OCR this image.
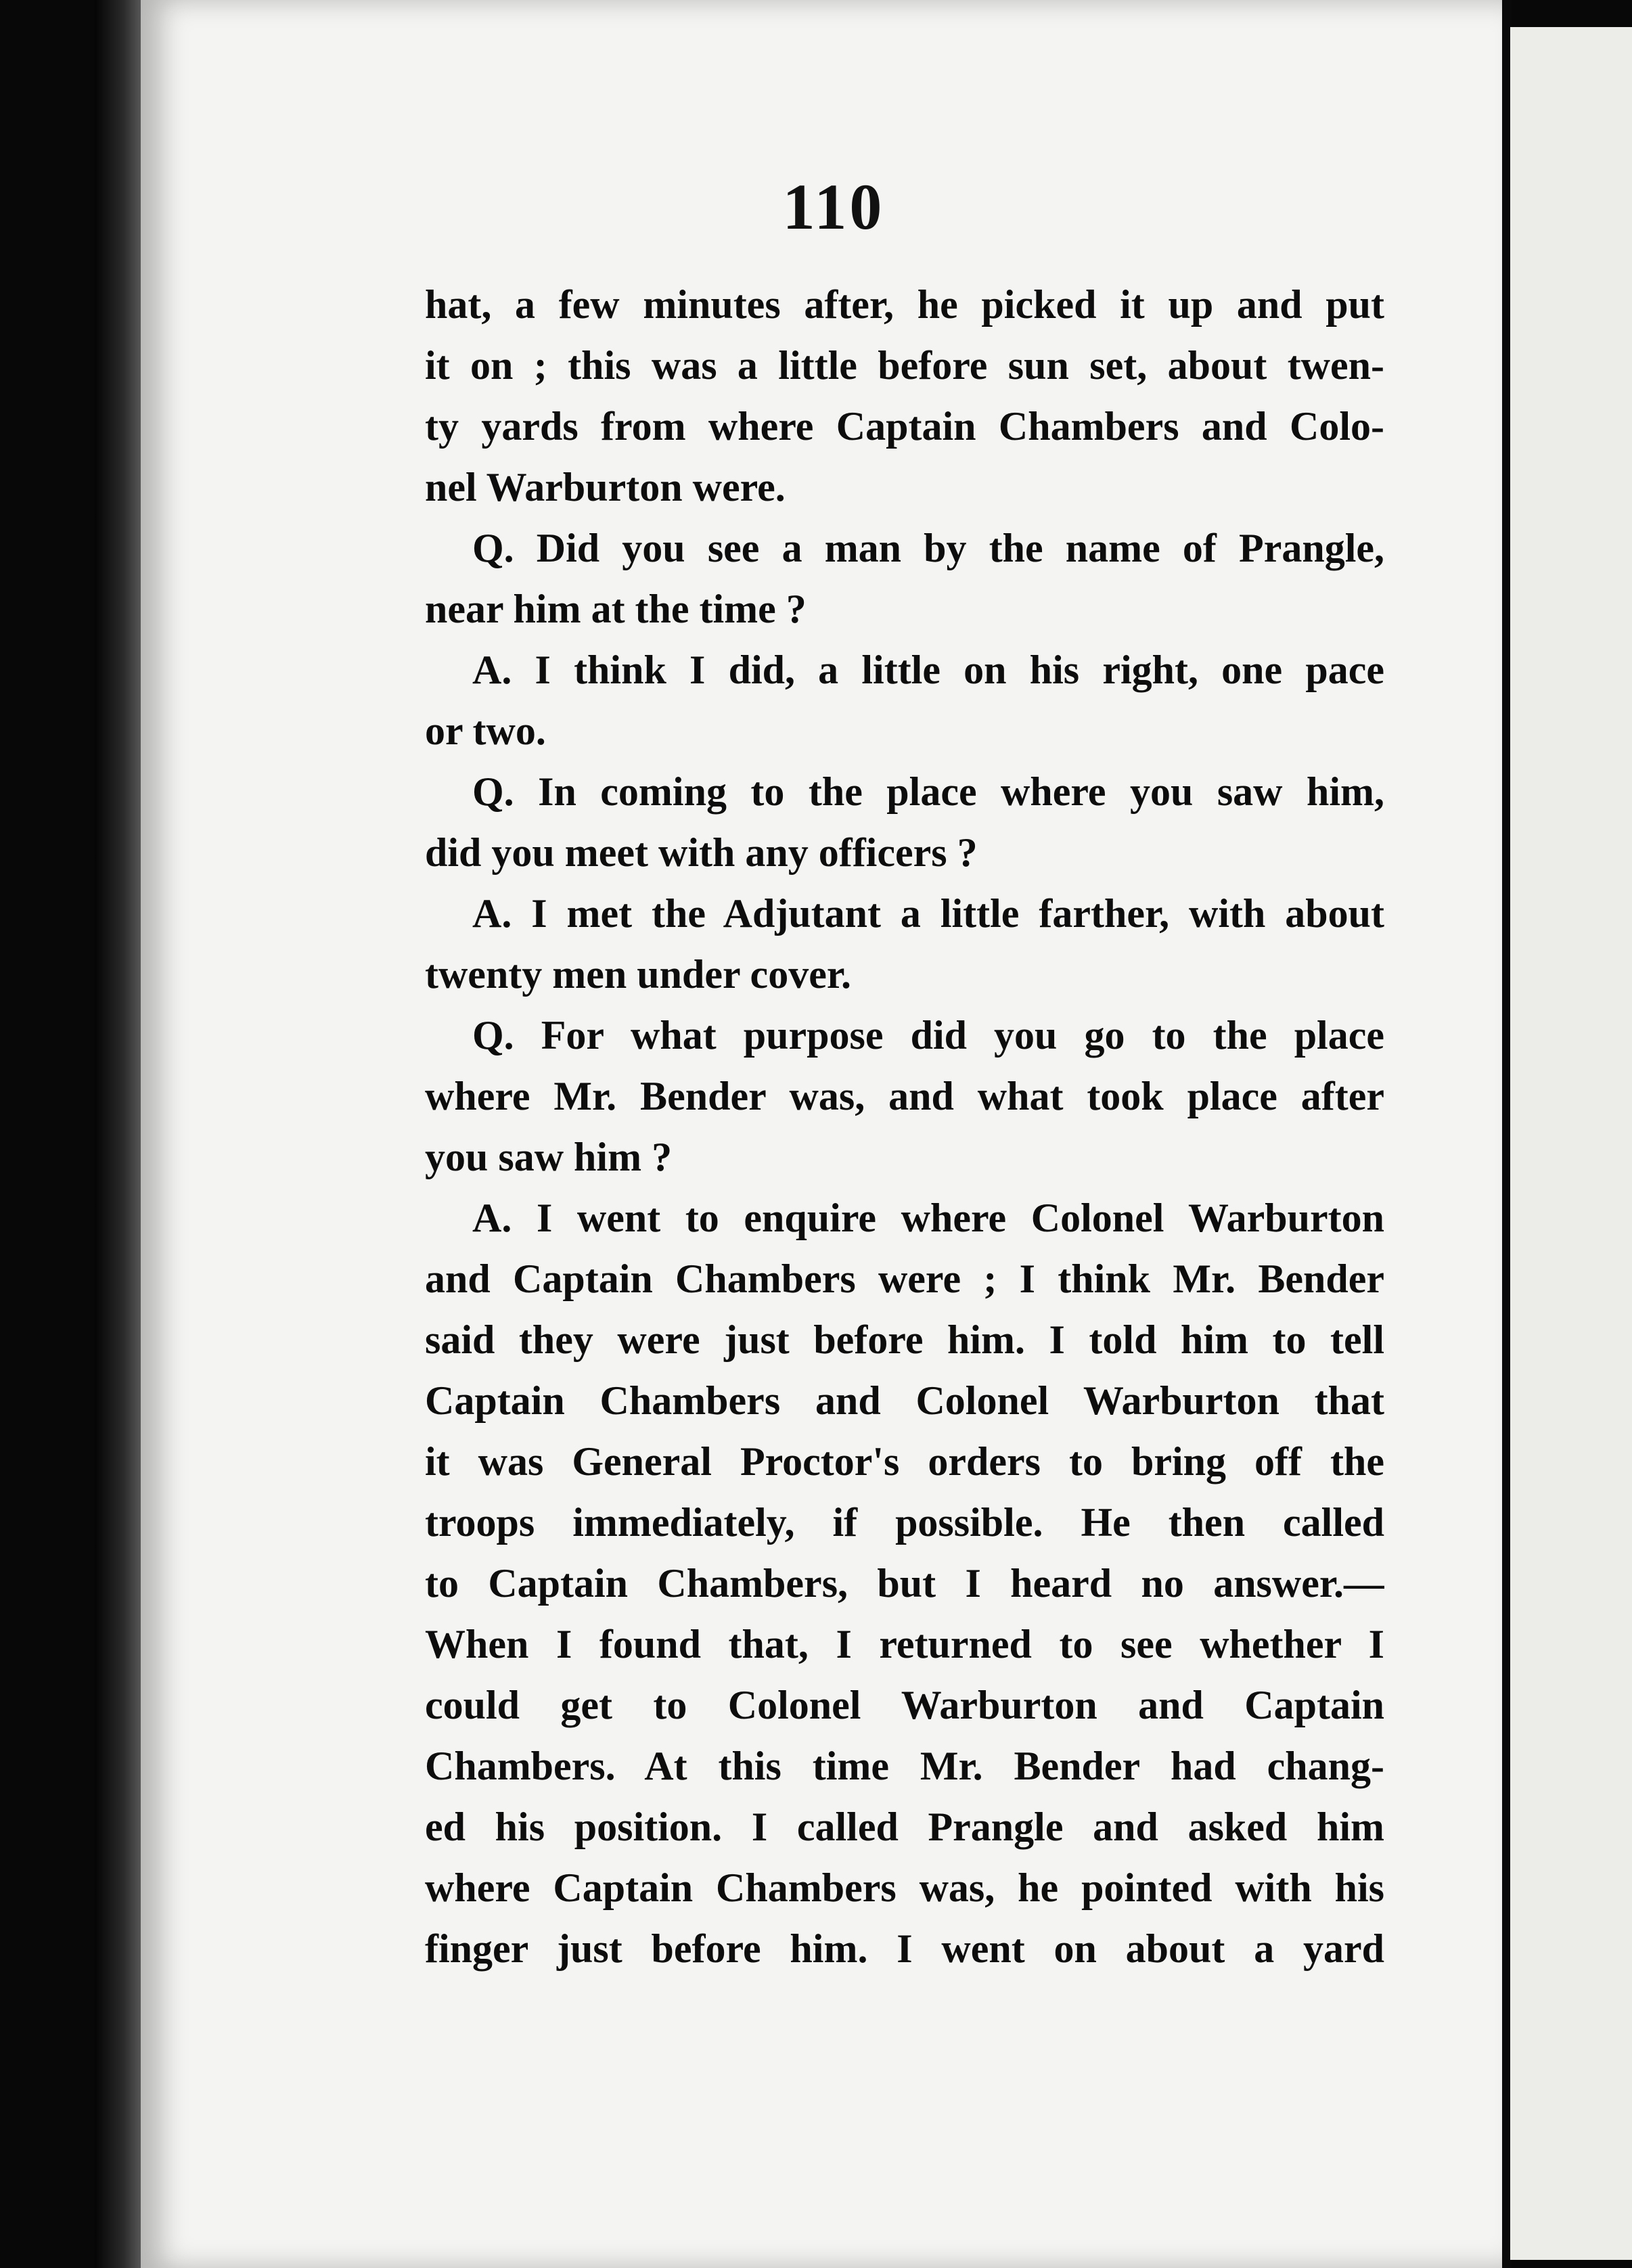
110
hat, a few minutes after, he picked it up and put
it on ; this was a little before sun set, about twen-
ty yards from where Captain Chambers and Colo-
nel Warburton were.
Q. Did you see a man by the name of Prangle,
near him at the time ?
A. I think I did, a little on his right, one pace
or two.
Q. In coming to the place where you saw him,
did you meet with any officers ?
A. I met the Adjutant a little farther, with about
twenty men under cover.
Q. For what purpose did you go to the place
where Mr. Bender was, and what took place after
you saw him ?
A. I went to enquire where Colonel Warburton
and Captain Chambers were ; I think Mr. Bender
said they were just before him. I told him to tell
Captain Chambers and Colonel Warburton that
it was General Proctor's orders to bring off the
troops immediately, if possible. He then called
to Captain Chambers, but I heard no answer.—
When I found that, I returned to see whether I
could get to Colonel Warburton and Captain
Chambers. At this time Mr. Bender had chang-
ed his position. I called Prangle and asked him
where Captain Chambers was, he pointed with his
finger just before him. I went on about a yard
